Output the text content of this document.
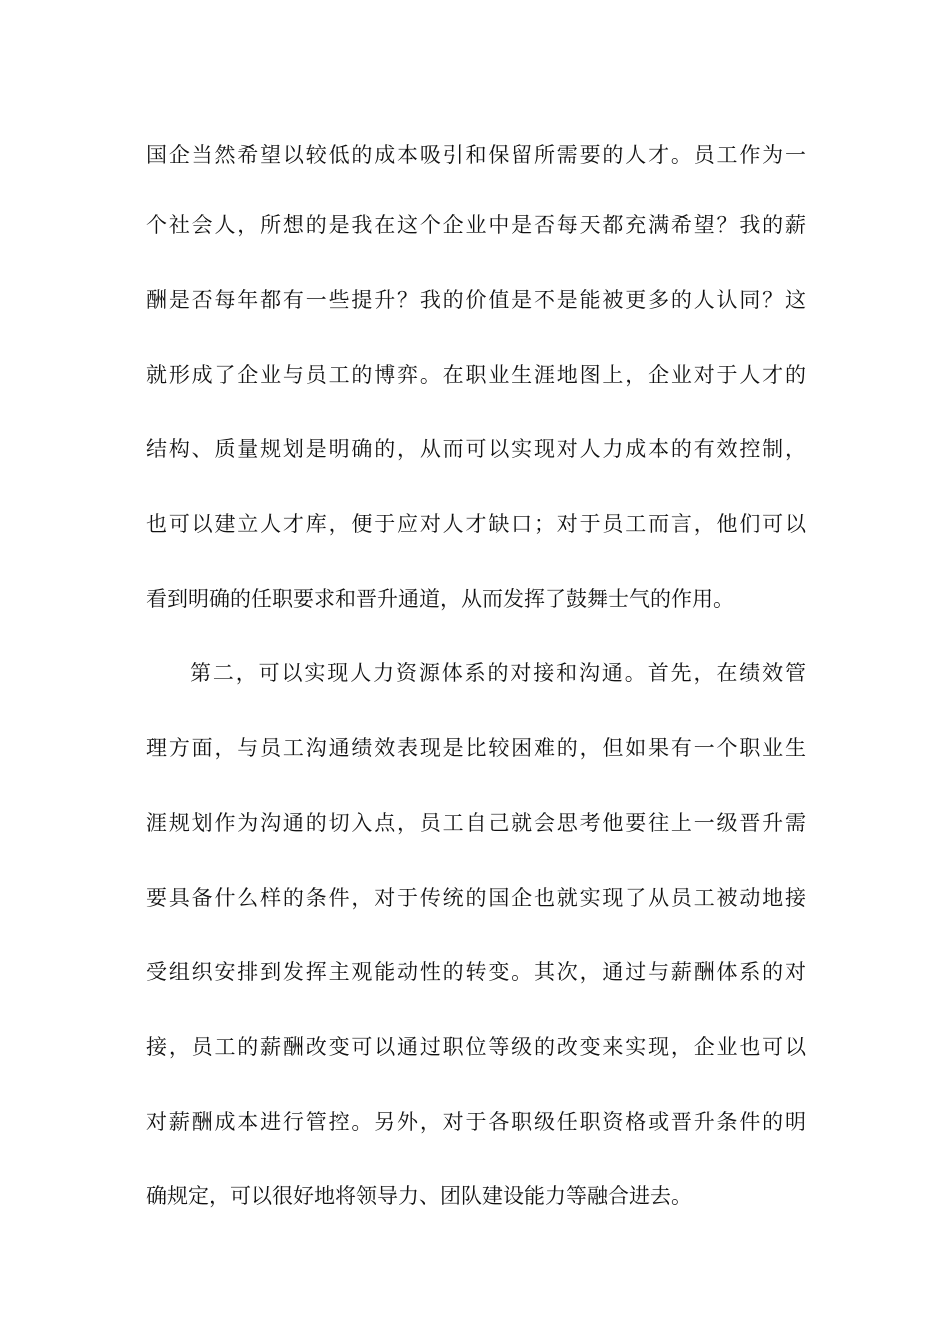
国企当然希望以较低的成本吸引和保留所需要的人才。员工作为一
个社会人，所想的是我在这个企业中是否每天都充满希望？我的薪
酬是否每年都有一些提升？我的价值是不是能被更多的人认同？这
就形成了企业与员工的博弈。在职业生涯地图上，企业对于人才的
结构、质量规划是明确的，从而可以实现对人力成本的有效控制，
也可以建立人才库，便于应对人才缺口；对于员工而言，他们可以
看到明确的任职要求和晋升通道，从而发挥了鼓舞士气的作用。
第二，可以实现人力资源体系的对接和沟通。首先，在绩效管
理方面，与员工沟通绩效表现是比较困难的，但如果有一个职业生
涯规划作为沟通的切入点，员工自己就会思考他要往上一级晋升需
要具备什么样的条件，对于传统的国企也就实现了从员工被动地接
受组织安排到发挥主观能动性的转变。其次，通过与薪酬体系的对
接，员工的薪酬改变可以通过职位等级的改变来实现，企业也可以
对薪酬成本进行管控。另外，对于各职级任职资格或晋升条件的明
确规定，可以很好地将领导力、团队建设能力等融合进去。
